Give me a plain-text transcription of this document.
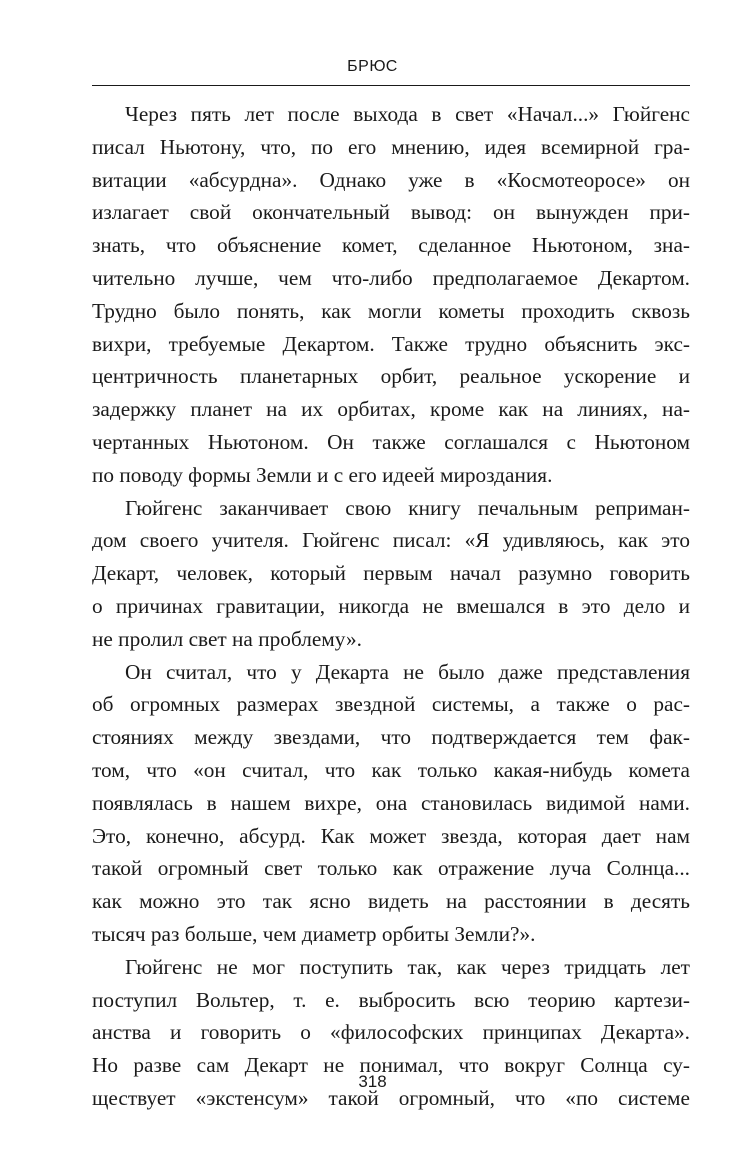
БРЮС
Через пять лет после выхода в свет «Начал...» Гюйгенс
писал Ньютону, что, по его мнению, идея всемирной гра-
витации «абсурдна». Однако уже в «Космотеоросе» он
излагает свой окончательный вывод: он вынужден при-
знать, что объяснение комет, сделанное Ньютоном, зна-
чительно лучше, чем что-либо предполагаемое Декартом.
Трудно было понять, как могли кометы проходить сквозь
вихри, требуемые Декартом. Также трудно объяснить экс-
центричность планетарных орбит, реальное ускорение и
задержку планет на их орбитах, кроме как на линиях, на-
чертанных Ньютоном. Он также соглашался с Ньютоном
по поводу формы Земли и с его идеей мироздания.
Гюйгенс заканчивает свою книгу печальным реприман-
дом своего учителя. Гюйгенс писал: «Я удивляюсь, как это
Декарт, человек, который первым начал разумно говорить
о причинах гравитации, никогда не вмешался в это дело и
не пролил свет на проблему».
Он считал, что у Декарта не было даже представления
об огромных размерах звездной системы, а также о рас-
стояниях между звездами, что подтверждается тем фак-
том, что «он считал, что как только какая-нибудь комета
появлялась в нашем вихре, она становилась видимой нами.
Это, конечно, абсурд. Как может звезда, которая дает нам
такой огромный свет только как отражение луча Солнца...
как можно это так ясно видеть на расстоянии в десять
тысяч раз больше, чем диаметр орбиты Земли?».
Гюйгенс не мог поступить так, как через тридцать лет
поступил Вольтер, т. е. выбросить всю теорию картези-
анства и говорить о «философских принципах Декарта».
Но разве сам Декарт не понимал, что вокруг Солнца су-
ществует «экстенсум» такой огромный, что «по системе
318
